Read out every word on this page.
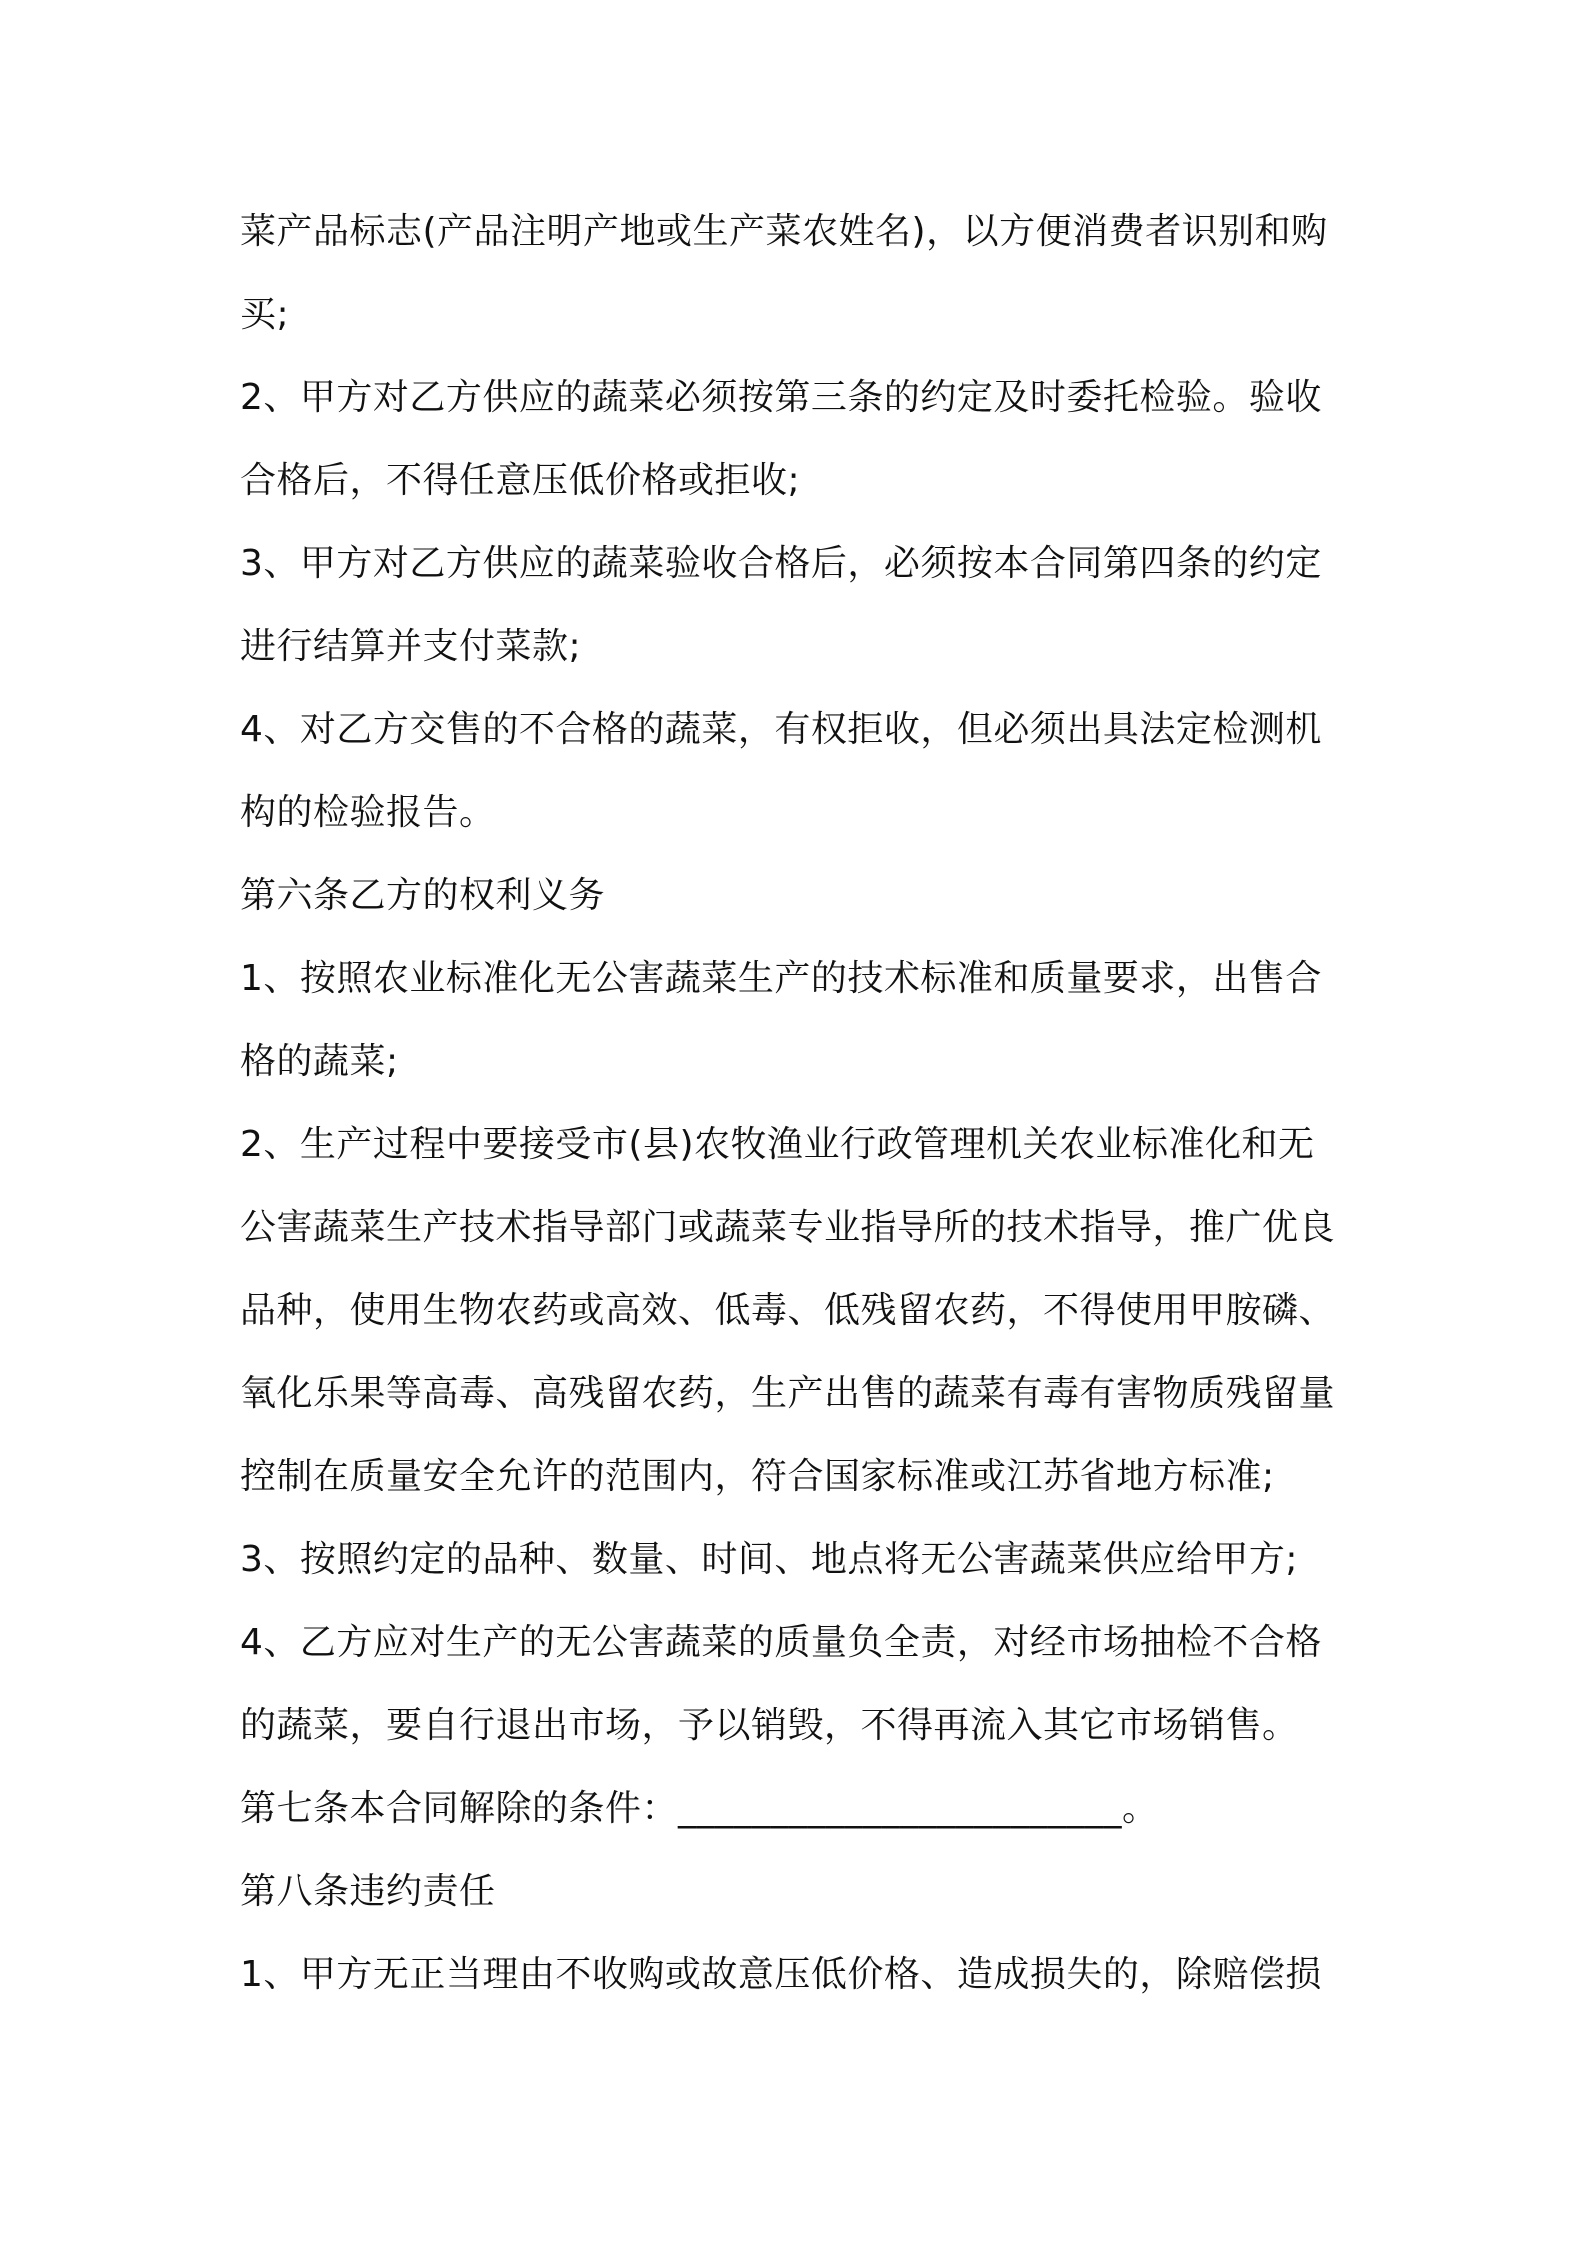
菜产品标志(产品注明产地或生产菜农姓名)，以方便消费者识别和购
买;
2、甲方对乙方供应的蔬菜必须按第三条的约定及时委托检验。验收
合格后，不得任意压低价格或拒收;
3、甲方对乙方供应的蔬菜验收合格后，必须按本合同第四条的约定
进行结算并支付菜款;
4、对乙方交售的不合格的蔬菜，有权拒收，但必须出具法定检测机
构的检验报告。
第六条乙方的权利义务
1、按照农业标准化无公害蔬菜生产的技术标准和质量要求，出售合
格的蔬菜;
2、生产过程中要接受市(县)农牧渔业行政管理机关农业标准化和无
公害蔬菜生产技术指导部门或蔬菜专业指导所的技术指导，推广优良
品种，使用生物农药或高效、低毒、低残留农药，不得使用甲胺磷、
氧化乐果等高毒、高残留农药，生产出售的蔬菜有毒有害物质残留量
控制在质量安全允许的范围内，符合国家标准或江苏省地方标准;
3、按照约定的品种、数量、时间、地点将无公害蔬菜供应给甲方;
4、乙方应对生产的无公害蔬菜的质量负全责，对经市场抽检不合格
的蔬菜，要自行退出市场，予以销毁，不得再流入其它市场销售。
第七条本合同解除的条件：________________________。
第八条违约责任
1、甲方无正当理由不收购或故意压低价格、造成损失的，除赔偿损
